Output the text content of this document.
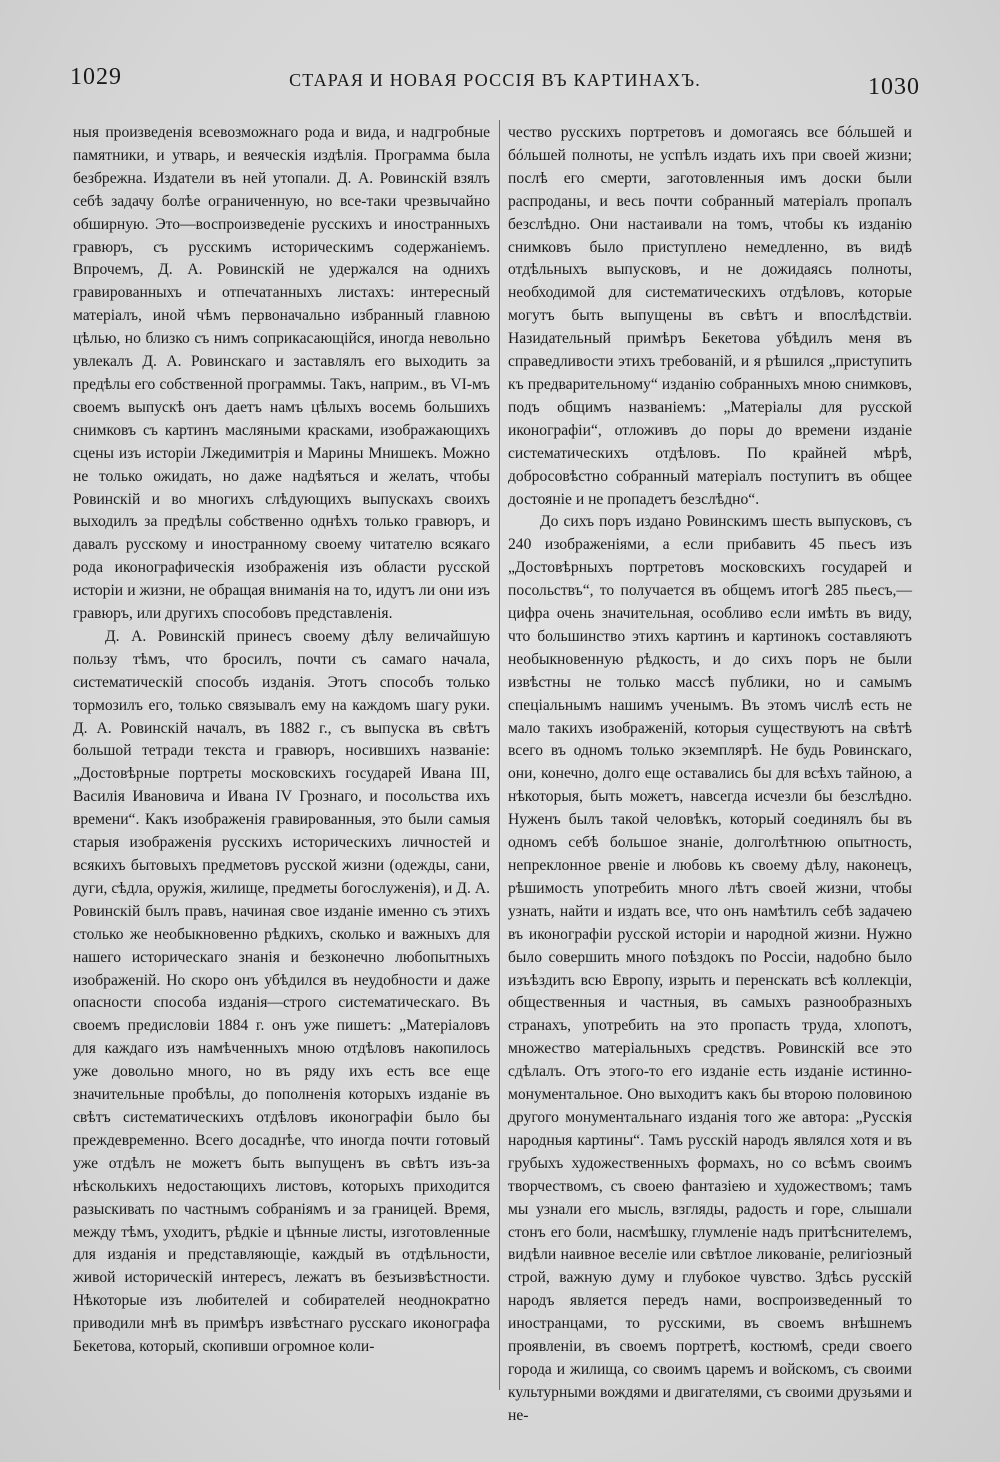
1029	СТАРАЯ И НОВАЯ РОССІЯ ВЪ КАРТИНАХЪ.	1030

ныя произведенія всевозможнаго рода и вида, и надгробные памятники, и утварь, и веяческія издѣлія. Программа была безбрежна. Издатели въ ней утопали. Д. А. Ровинскій взялъ себѣ задачу болѣе ограниченную, но все-таки чрезвычайно обширную. Это—воспроизведеніе русскихъ и иностранныхъ гравюръ, съ русскимъ историческимъ содержаніемъ. Впрочемъ, Д. А. Ровинскій не удержался на однихъ гравированныхъ и отпечатанныхъ листахъ: интересный матеріалъ, иной чѣмъ первоначально избранный главною цѣлью, но близко съ нимъ соприкасающійся, иногда невольно увлекалъ Д. А. Ровинскаго и заставлялъ его выходить за предѣлы его собственной программы. Такъ, наприм., въ VI-мъ своемъ выпускѣ онъ даетъ намъ цѣлыхъ восемь большихъ снимковъ съ картинъ масляными красками, изображающихъ сцены изъ исторіи Лжедимитрія и Марины Мнишекъ. Можно не только ожидать, но даже надѣяться и желать, чтобы Ровинскій и во многихъ слѣдующихъ выпускахъ своихъ выходилъ за предѣлы собственно однѣхъ только гравюръ, и давалъ русскому и иностранному своему читателю всякаго рода иконографическія изображенія изъ области русской исторіи и жизни, не обращая вниманія на то, идутъ ли они изъ гравюръ, или другихъ способовъ представленія.

Д. А. Ровинскій принесъ своему дѣлу величайшую пользу тѣмъ, что бросилъ, почти съ самаго начала, систематическій способъ изданія. Этотъ способъ только тормозилъ его, только связывалъ ему на каждомъ шагу руки. Д. А. Ровинскій началъ, въ 1882 г., съ выпуска въ свѣтъ большой тетради текста и гравюръ, носившихъ названіе: „Достовѣрные портреты московскихъ государей Ивана III, Василія Ивановича и Ивана IV Грознаго, и посольства ихъ времени“. Какъ изображенія гравированныя, это были самыя старыя изображенія русскихъ историческихъ личностей и всякихъ бытовыхъ предметовъ русской жизни (одежды, сани, дуги, сѣдла, оружія, жилище, предметы богослуженія), и Д. А. Ровинскій былъ правъ, начиная свое изданіе именно съ этихъ столько же необыкновенно рѣдкихъ, сколько и важныхъ для нашего историческаго знанія и безконечно любопытныхъ изображеній. Но скоро онъ убѣдился въ неудобности и даже опасности способа изданія—строго систематическаго. Въ своемъ предисловіи 1884 г. онъ уже пишетъ: „Матеріаловъ для каждаго изъ намѣченныхъ мною отдѣловъ накопилось уже довольно много, но въ ряду ихъ есть все еще значительные пробѣлы, до пополненія которыхъ изданіе въ свѣтъ систематическихъ отдѣловъ иконографіи было бы преждевременно. Всего досаднѣе, что иногда почти готовый уже отдѣлъ не можетъ быть выпущенъ въ свѣтъ изъ-за нѣсколькихъ недостающихъ листовъ, которыхъ приходится разыскивать по частнымъ собраніямъ и за границей. Время, между тѣмъ, уходитъ, рѣдкіе и цѣнные листы, изготовленные для изданія и представляющіе, каждый въ отдѣльности, живой историческій интересъ, лежатъ въ безъизвѣстности. Нѣкоторые изъ любителей и собирателей неоднократно приводили мнѣ въ примѣръ извѣстнаго русскаго иконографа Бекетова, который, скопивши огромное коли-

чество русскихъ портретовъ и домогаясь все бóльшей и бóльшей полноты, не успѣлъ издать ихъ при своей жизни; послѣ его смерти, заготовленныя имъ доски были распроданы, и весь почти собранный матеріалъ пропалъ безслѣдно. Они настаивали на томъ, чтобы къ изданію снимковъ было приступлено немедленно, въ видѣ отдѣльныхъ выпусковъ, и не дожидаясь полноты, необходимой для систематическихъ отдѣловъ, которые могутъ быть выпущены въ свѣтъ и впослѣдствіи. Назидательный примѣръ Бекетова убѣдилъ меня въ справедливости этихъ требованій, и я рѣшился „приступить къ предварительному“ изданію собранныхъ мною снимковъ, подъ общимъ названіемъ: „Матеріалы для русской иконографіи“, отложивъ до поры до времени изданіе систематическихъ отдѣловъ. По крайней мѣрѣ, добросовѣстно собранный матеріалъ поступитъ въ общее достояніе и не пропадетъ безслѣдно“.

До сихъ поръ издано Ровинскимъ шесть выпусковъ, съ 240 изображеніями, а если прибавить 45 пьесъ изъ „Достовѣрныхъ портретовъ московскихъ государей и посольствъ“, то получается въ общемъ итогѣ 285 пьесъ,—цифра очень значительная, особливо если имѣть въ виду, что большинство этихъ картинъ и картинокъ составляютъ необыкновенную рѣдкость, и до сихъ поръ не были извѣстны не только массѣ публики, но и самымъ спеціальнымъ нашимъ ученымъ. Въ этомъ числѣ есть не мало такихъ изображеній, которыя существуютъ на свѣтѣ всего въ одномъ только экземплярѣ. Не будь Ровинскаго, они, конечно, долго еще оставались бы для всѣхъ тайною, а нѣкоторыя, быть можетъ, навсегда исчезли бы безслѣдно. Нуженъ былъ такой человѣкъ, который соединялъ бы въ одномъ себѣ большое знаніе, долголѣтнюю опытность, непреклонное рвеніе и любовь къ своему дѣлу, наконецъ, рѣшимость употребить много лѣтъ своей жизни, чтобы узнать, найти и издать все, что онъ намѣтилъ себѣ задачею въ иконографіи русской исторіи и народной жизни. Нужно было совершить много поѣздокъ по Россіи, надобно было изъѣздить всю Европу, изрыть и перенскать всѣ коллекціи, общественныя и частныя, въ самыхъ разнообразныхъ странахъ, употребить на это пропасть труда, хлопотъ, множество матеріальныхъ средствъ. Ровинскій все это сдѣлалъ. Отъ этого-то его изданіе есть изданіе истинно-монументальное. Оно выходитъ какъ бы второю половиною другого монументальнаго изданія того же автора: „Русскія народныя картины“. Тамъ русскій народъ являлся хотя и въ грубыхъ художественныхъ формахъ, но со всѣмъ своимъ творчествомъ, съ своею фантазіею и художествомъ; тамъ мы узнали его мысль, взгляды, радость и горе, слышали стонъ его боли, насмѣшку, глумленіе надъ притѣснителемъ, видѣли наивное веселіе или свѣтлое ликованіе, религіозный строй, важную думу и глубокое чувство. Здѣсь русскій народъ является передъ нами, воспроизведенный то иностранцами, то русскими, въ своемъ внѣшнемъ проявленіи, въ своемъ портретѣ, костюмѣ, среди своего города и жилища, со своимъ царемъ и войскомъ, съ своими культурными вождями и двигателями, съ своими друзьями и не-
